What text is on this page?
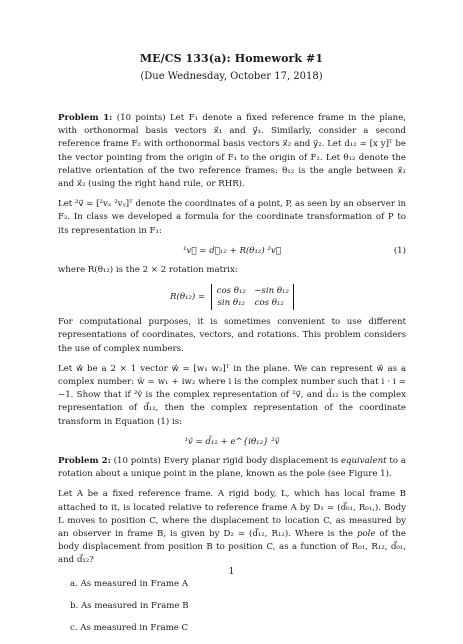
ME/CS 133(a): Homework #1
(Due Wednesday, October 17, 2018)

Problem 1: (10 points) Let F₁ denote a fixed reference frame in the plane, with orthonormal basis vectors x⃗₁ and y⃗₁. Similarly, consider a second reference frame F₂ with orthonormal basis vectors x⃗₂ and y⃗₂. Let d₁₂ = [x y]ᵀ be the vector pointing from the origin of F₁ to the origin of F₂. Let θ₁₂ denote the relative orientation of the two reference frames: θ₁₂ is the angle between x⃗₁ and x⃗₂ (using the right hand rule, or RHR).

Let ²v⃗ = [²vₓ ²vᵧ]ᵀ denote the coordinates of a point, P, as seen by an observer in F₂. In class we developed a formula for the coordinate transformation of P to its representation in F₁:

¹v⃗ = d⃗₁₂ + R(θ₁₂) ²v⃗	(1)

where R(θ₁₂) is the 2 × 2 rotation matrix:

R(θ₁₂) =
cos θ₁₂ −sin θ₁₂
sin θ₁₂ cos θ₁₂

For computational purposes, it is sometimes convenient to use different representations of coordinates, vectors, and rotations. This problem considers the use of complex numbers.

Let w⃗ be a 2 × 1 vector w⃗ = [w₁ w₂]ᵀ in the plane. We can represent w⃗ as a complex number: w̃ = w₁ + iw₂ where i is the complex number such that i · i = −1. Show that if ²ṽ is the complex representation of ²v⃗, and d̃₁₂ is the complex representation of d⃗₁₂, then the complex representation of the coordinate transform in Equation (1) is:

¹ṽ = d̃₁₂ + e^{iθ₁₂} ²ṽ

Problem 2: (10 points) Every planar rigid body displacement is equivalent to a rotation about a unique point in the plane, known as the pole (see Figure 1).

Let A be a fixed reference frame. A rigid body, L, which has local frame B attached to it, is located relative to reference frame A by D₁ = (d⃗₀₁, R₀₁,). Body L moves to position C, where the displacement to location C, as measured by an observer in frame B, is given by D₂ = (d⃗₁₂, R₁₂). Where is the pole of the body displacement from position B to position C, as a function of R₀₁, R₁₂, d⃗₀₁, and d⃗₁₂?

a. As measured in Frame A
b. As measured in Frame B
c. As measured in Frame C
1
